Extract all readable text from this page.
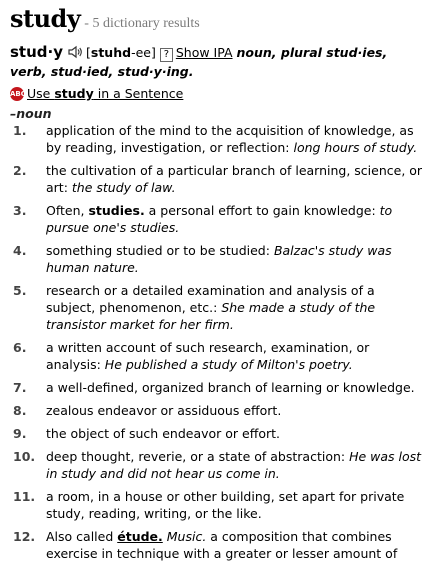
study - 5 dictionary results
stud·y [stuhd-ee] ? Show IPA noun, plural stud·ies, verb, stud·ied, stud·y·ing.
ABC Use study in a Sentence
–noun
1.	application of the mind to the acquisition of knowledge, as by reading, investigation, or reflection: long hours of study.
2.	the cultivation of a particular branch of learning, science, or art: the study of law.
3.	Often, studies. a personal effort to gain knowledge: to pursue one's studies.
4.	something studied or to be studied: Balzac's study was human nature.
5.	research or a detailed examination and analysis of a subject, phenomenon, etc.: She made a study of the transistor market for her firm.
6.	a written account of such research, examination, or analysis: He published a study of Milton's poetry.
7.	a well-defined, organized branch of learning or knowledge.
8.	zealous endeavor or assiduous effort.
9.	the object of such endeavor or effort.
10. deep thought, reverie, or a state of abstraction: He was lost in study and did not hear us come in.
11. a room, in a house or other building, set apart for private study, reading, writing, or the like.
12. Also called étude. Music. a composition that combines exercise in technique with a greater or lesser amount of
